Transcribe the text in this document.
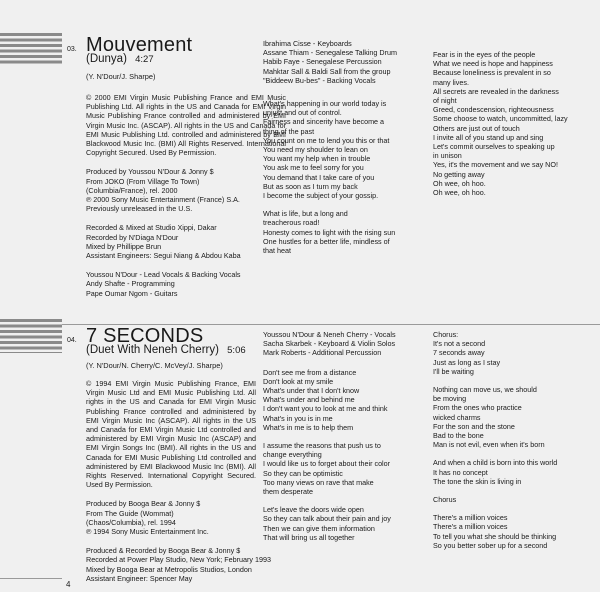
03. Mouvement
(Dunya) 4:27
(Y. N'Dour/J. Sharpe)

© 2000 EMI Virgin Music Publishing France and EMI Music Publishing Ltd. All rights in the US and Canada for EMI Virgin Music Publishing France controlled and administered by EMI Virgin Music Inc. (ASCAP). All rights in the US and Canada for EMI Music Publishing Ltd. controlled and administered by EMI Blackwood Music Inc. (BMI) All Rights Reserved. International Copyright Secured. Used By Permission.

Produced by Youssou N'Dour & Jonny $
From JOKO (From Village To Town)
(Columbia/France), rel. 2000
℗ 2000 Sony Music Entertainment (France) S.A.
Previously unreleased in the U.S.
Recorded & Mixed at Studio Xippi, Dakar
Recorded by N'Diaga N'Dour
Mixed by Phillippe Brun
Assistant Engineers: Segui Niang & Abdou Kaba
Youssou N'Dour - Lead Vocals & Backing Vocals
Andy Shafte - Programming
Pape Oumar Ngom - Guitars
Ibrahima Cisse - Keyboards
Assane Thiam - Senegalese Talking Drum
Habib Faye - Senegalese Percussion
Mahktar Sall & Baldi Sall from the group
"Biddeew Bu-bes" - Backing Vocals
What's happening in our world today is
unjust and out of control.
Fairness and sincerity have become a
thing of the past
You count on me to lend you this or that
You need my shoulder to lean on
You want my help when in trouble
You ask me to feel sorry for you
You demand that I take care of you
But as soon as I turn my back
I become the subject of your gossip.
What is life, but a long and
treacherous road!
Honesty comes to light with the rising sun
One hustles for a better life, mindless of
that heat
Fear is in the eyes of the people
What we need is hope and happiness
Because loneliness is prevalent in so
many lives.
All secrets are revealed in the darkness
of night
Greed, condescension, righteousness
Some choose to watch, uncommitted, lazy
Others are just out of touch
I invite all of you stand up and sing
Let's commit ourselves to speaking up
in unison
Yes, it's the movement and we say NO!
No getting away
Oh wee, oh hoo.
Oh wee, oh hoo.
04. 7 SECONDS
(Duet With Neneh Cherry) 5:06
(Y. N'Dour/N. Cherry/C. McVey/J. Sharpe)

© 1994 EMI Virgin Music Publishing France, EMI Virgin Music Ltd and EMI Music Publishing Ltd. All rights in the US and Canada for EMI Virgin Music Publishing France controlled and administered by EMI Virgin Music Inc (ASCAP). All rights in the US and Canada for EMI Virgin Music Ltd controlled and administered by EMI Virgin Music Inc (ASCAP) and EMI Virgin Songs Inc (BMI). All rights in the US and Canada for EMI Music Publishing Ltd controlled and administered by EMI Blackwood Music Inc (BMI). All Rights Reserved. International Copyright Secured. Used By Permission.

Produced by Booga Bear & Jonny $
From The Guide (Wommat)
(Chaos/Columbia), rel. 1994
℗ 1994 Sony Music Entertainment Inc.
Produced & Recorded by Booga Bear & Jonny $
Recorded at Power Play Studio, New York; February 1993
Mixed by Booga Bear at Metropolis Studios, London
Assistant Engineer: Spencer May
Youssou N'Dour & Neneh Cherry - Vocals
Sacha Skarbek - Keyboard & Violin Solos
Mark Roberts - Additional Percussion
Don't see me from a distance
Don't look at my smile
What's under that I don't know
What's under and behind me
I don't want you to look at me and think
What's in you is in me
What's in me is to help them
I assume the reasons that push us to
change everything
I would like us to forget about their color
So they can be optimistic
Too many views on rave that make
them desperate
Let's leave the doors wide open
So they can talk about their pain and joy
Then we can give them information
That will bring us all together
Chorus:
It's not a second
7 seconds away
Just as long as I stay
I'll be waiting
Nothing can move us, we should
be moving
From the ones who practice
wicked charms
For the son and the stone
Bad to the bone
Man is not evil, even when it's born
And when a child is born into this world
It has no concept
The tone the skin is living in
Chorus
There's a million voices
There's a million voices
To tell you what she should be thinking
So you better sober up for a second
4
